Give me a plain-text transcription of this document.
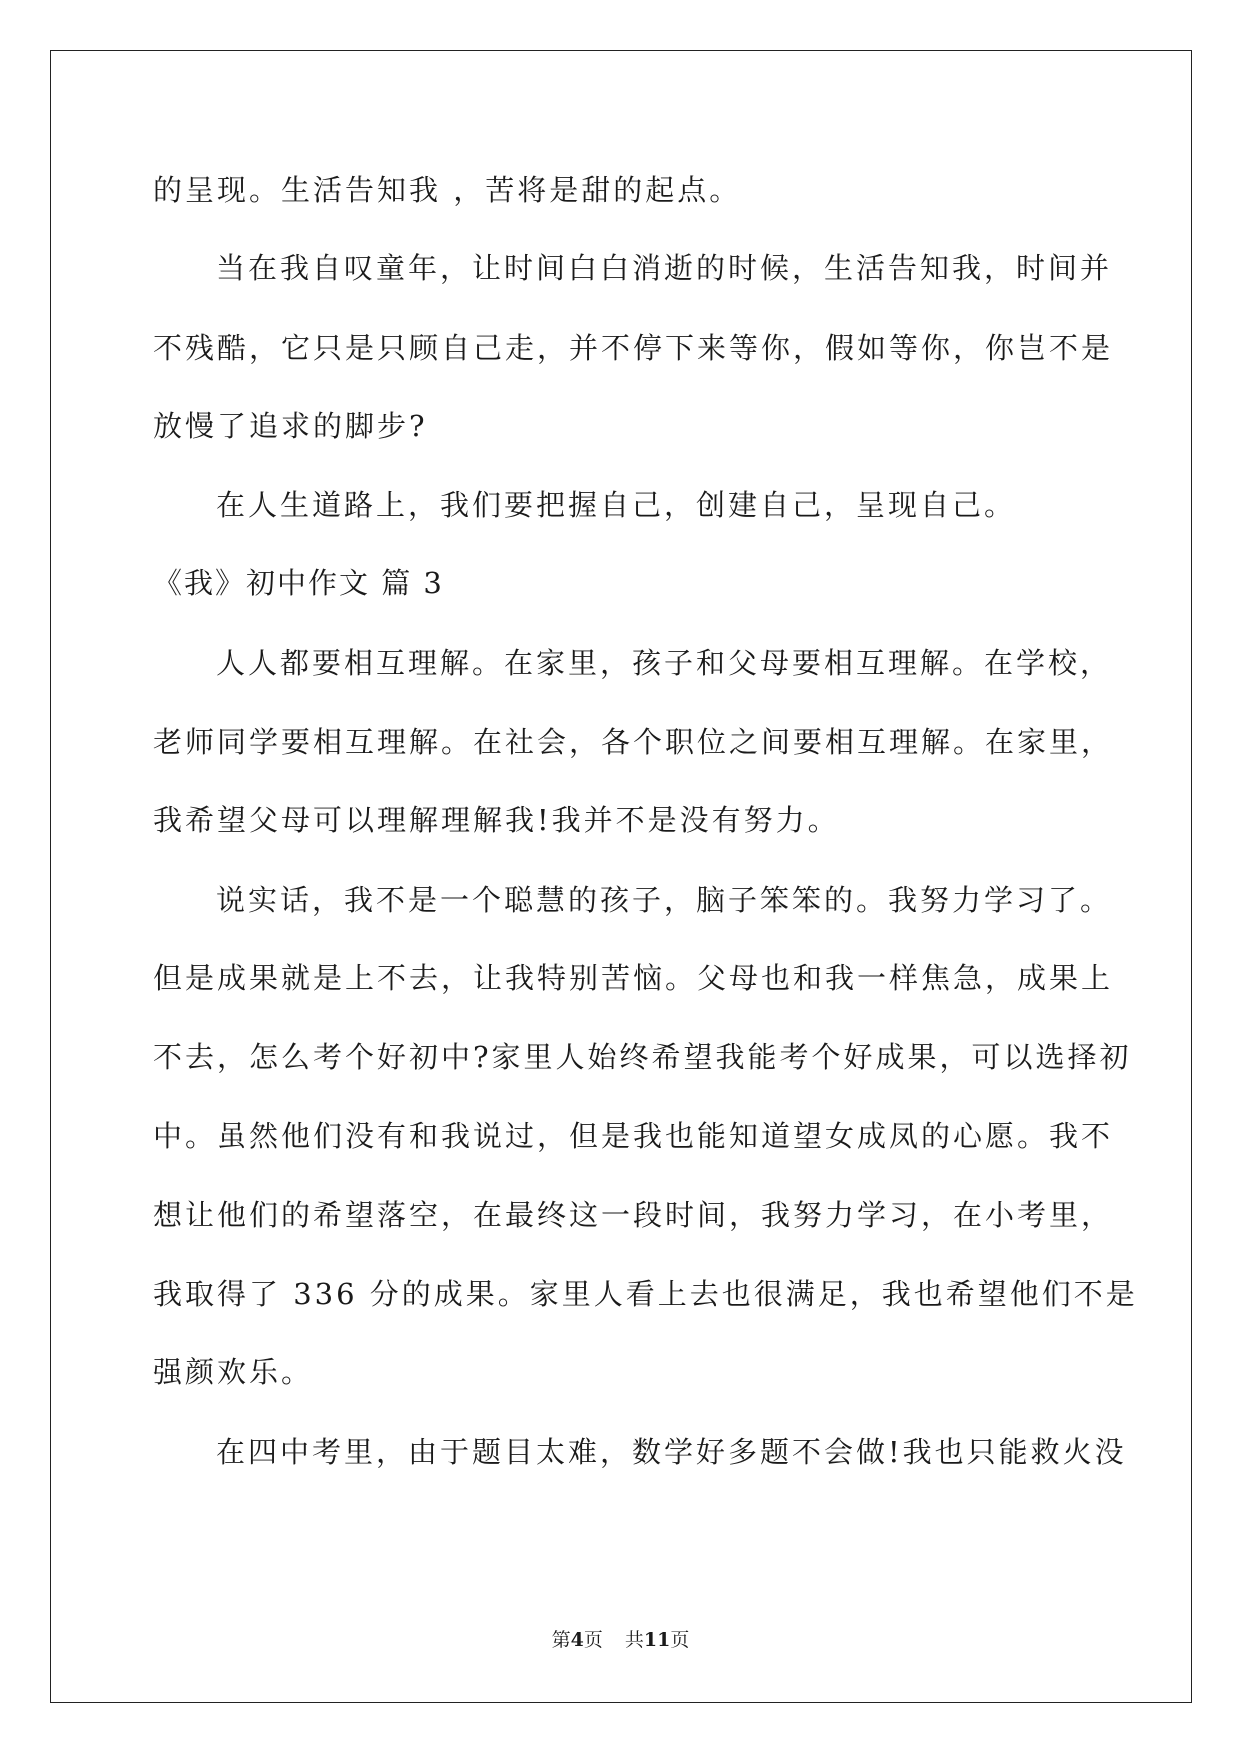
的呈现。生活告知我 ，苦将是甜的起点。
当在我自叹童年，让时间白白消逝的时候，生活告知我，时间并
不残酷，它只是只顾自己走，并不停下来等你，假如等你，你岂不是
放慢了追求的脚步?
在人生道路上，我们要把握自己，创建自己，呈现自己。
《我》初中作文 篇 3
人人都要相互理解。在家里，孩子和父母要相互理解。在学校，
老师同学要相互理解。在社会，各个职位之间要相互理解。在家里，
我希望父母可以理解理解我!我并不是没有努力。
说实话，我不是一个聪慧的孩子，脑子笨笨的。我努力学习了。
但是成果就是上不去，让我特别苦恼。父母也和我一样焦急，成果上
不去，怎么考个好初中?家里人始终希望我能考个好成果，可以选择初
中。虽然他们没有和我说过，但是我也能知道望女成凤的心愿。我不
想让他们的希望落空，在最终这一段时间，我努力学习，在小考里，
我取得了 336 分的成果。家里人看上去也很满足，我也希望他们不是
强颜欢乐。
在四中考里，由于题目太难，数学好多题不会做!我也只能救火没
第4页 共11页
